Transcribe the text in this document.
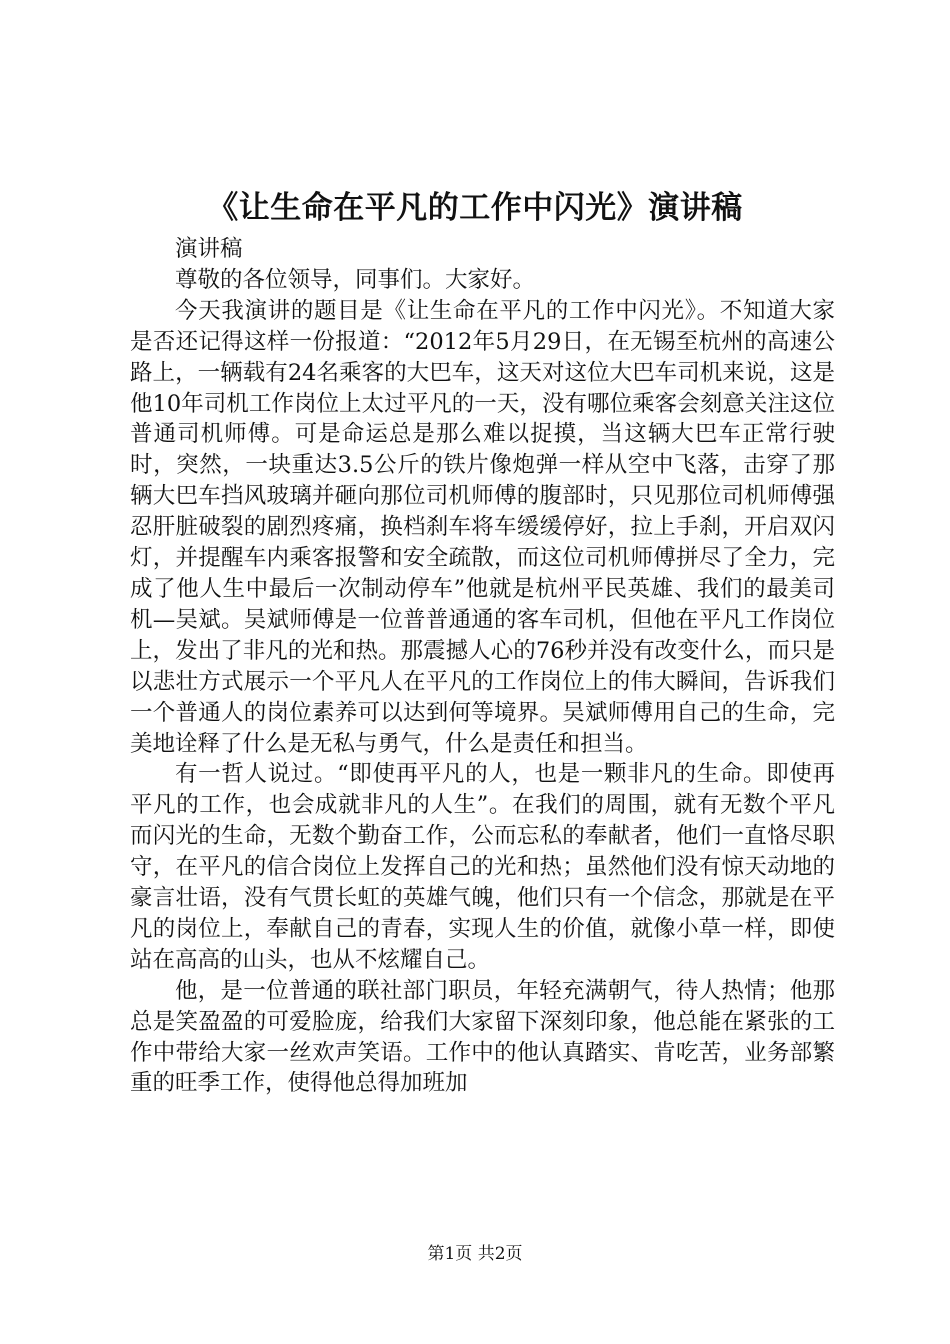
《让生命在平凡的工作中闪光》演讲稿

演讲稿

尊敬的各位领导，同事们。大家好。

今天我演讲的题目是《让生命在平凡的工作中闪光》。不知道大家是否还记得这样一份报道：“2012年5月29日，在无锡至杭州的高速公路上，一辆载有24名乘客的大巴车，这天对这位大巴车司机来说，这是他10年司机工作岗位上太过平凡的一天，没有哪位乘客会刻意关注这位普通司机师傅。可是命运总是那么难以捉摸，当这辆大巴车正常行驶时，突然，一块重达3.5公斤的铁片像炮弹一样从空中飞落，击穿了那辆大巴车挡风玻璃并砸向那位司机师傅的腹部时，只见那位司机师傅强忍肝脏破裂的剧烈疼痛，换档刹车将车缓缓停好，拉上手刹，开启双闪灯，并提醒车内乘客报警和安全疏散，而这位司机师傅拼尽了全力，完成了他人生中最后一次制动停车”他就是杭州平民英雄、我们的最美司机—吴斌。吴斌师傅是一位普普通通的客车司机，但他在平凡工作岗位上，发出了非凡的光和热。那震撼人心的76秒并没有改变什么，而只是以悲壮方式展示一个平凡人在平凡的工作岗位上的伟大瞬间，告诉我们一个普通人的岗位素养可以达到何等境界。吴斌师傅用自己的生命，完美地诠释了什么是无私与勇气，什么是责任和担当。

有一哲人说过。“即使再平凡的人，也是一颗非凡的生命。即使再平凡的工作，也会成就非凡的人生”。在我们的周围，就有无数个平凡而闪光的生命，无数个勤奋工作，公而忘私的奉献者，他们一直恪尽职守，在平凡的信合岗位上发挥自己的光和热；虽然他们没有惊天动地的豪言壮语，没有气贯长虹的英雄气魄，他们只有一个信念，那就是在平凡的岗位上，奉献自己的青春，实现人生的价值，就像小草一样，即使站在高高的山头，也从不炫耀自己。

他，是一位普通的联社部门职员，年轻充满朝气，待人热情；他那总是笑盈盈的可爱脸庞，给我们大家留下深刻印象，他总能在紧张的工作中带给大家一丝欢声笑语。工作中的他认真踏实、肯吃苦，业务部繁重的旺季工作，使得他总得加班加

第1页 共2页
